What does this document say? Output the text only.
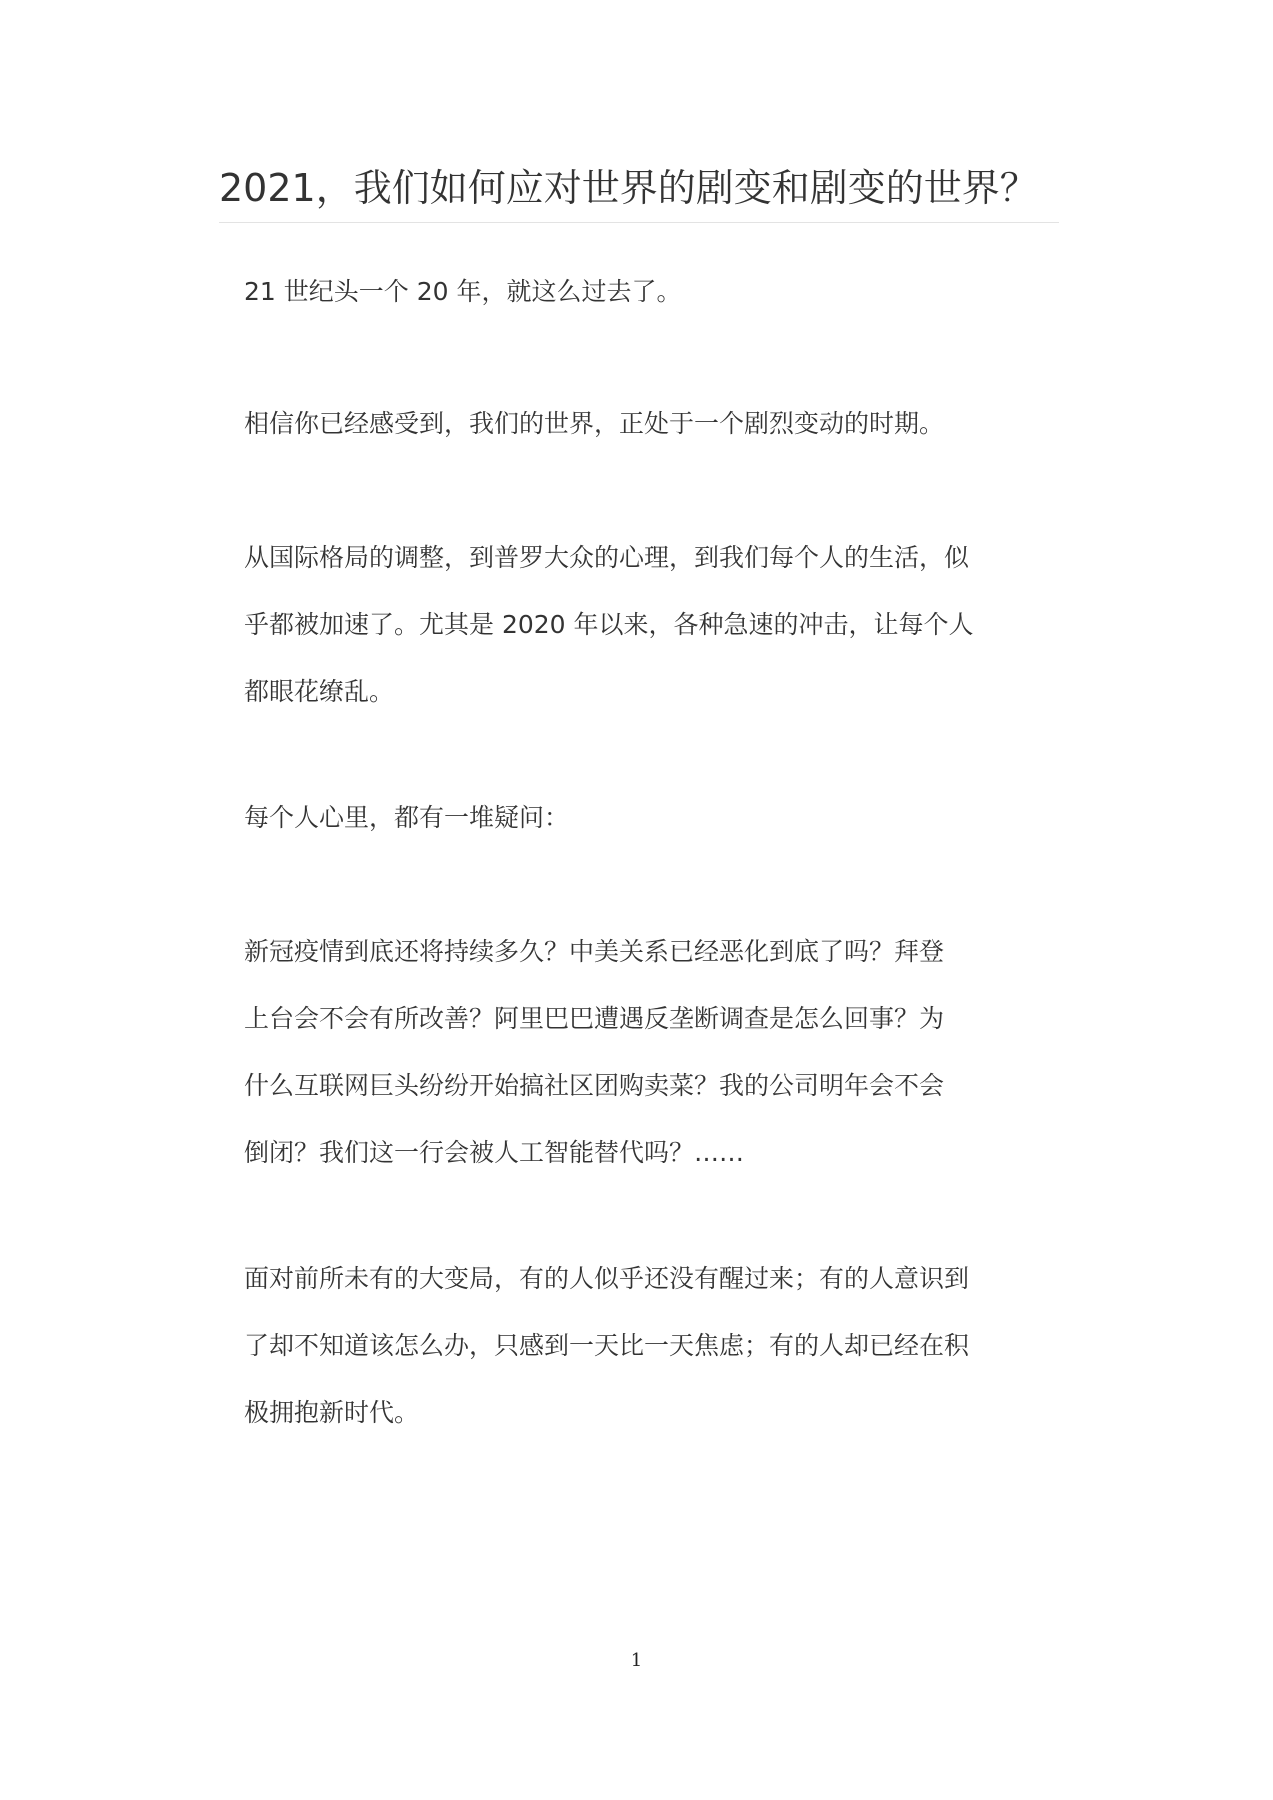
2021，我们如何应对世界的剧变和剧变的世界？

21 世纪头一个 20 年，就这么过去了。

相信你已经感受到，我们的世界，正处于一个剧烈变动的时期。

从国际格局的调整，到普罗大众的心理，到我们每个人的生活，似
乎都被加速了。尤其是 2020 年以来，各种急速的冲击，让每个人
都眼花缭乱。

每个人心里，都有一堆疑问：

新冠疫情到底还将持续多久？中美关系已经恶化到底了吗？拜登
上台会不会有所改善？阿里巴巴遭遇反垄断调查是怎么回事？为
什么互联网巨头纷纷开始搞社区团购卖菜？我的公司明年会不会
倒闭？我们这一行会被人工智能替代吗？……

面对前所未有的大变局，有的人似乎还没有醒过来；有的人意识到
了却不知道该怎么办，只感到一天比一天焦虑；有的人却已经在积
极拥抱新时代。

1
